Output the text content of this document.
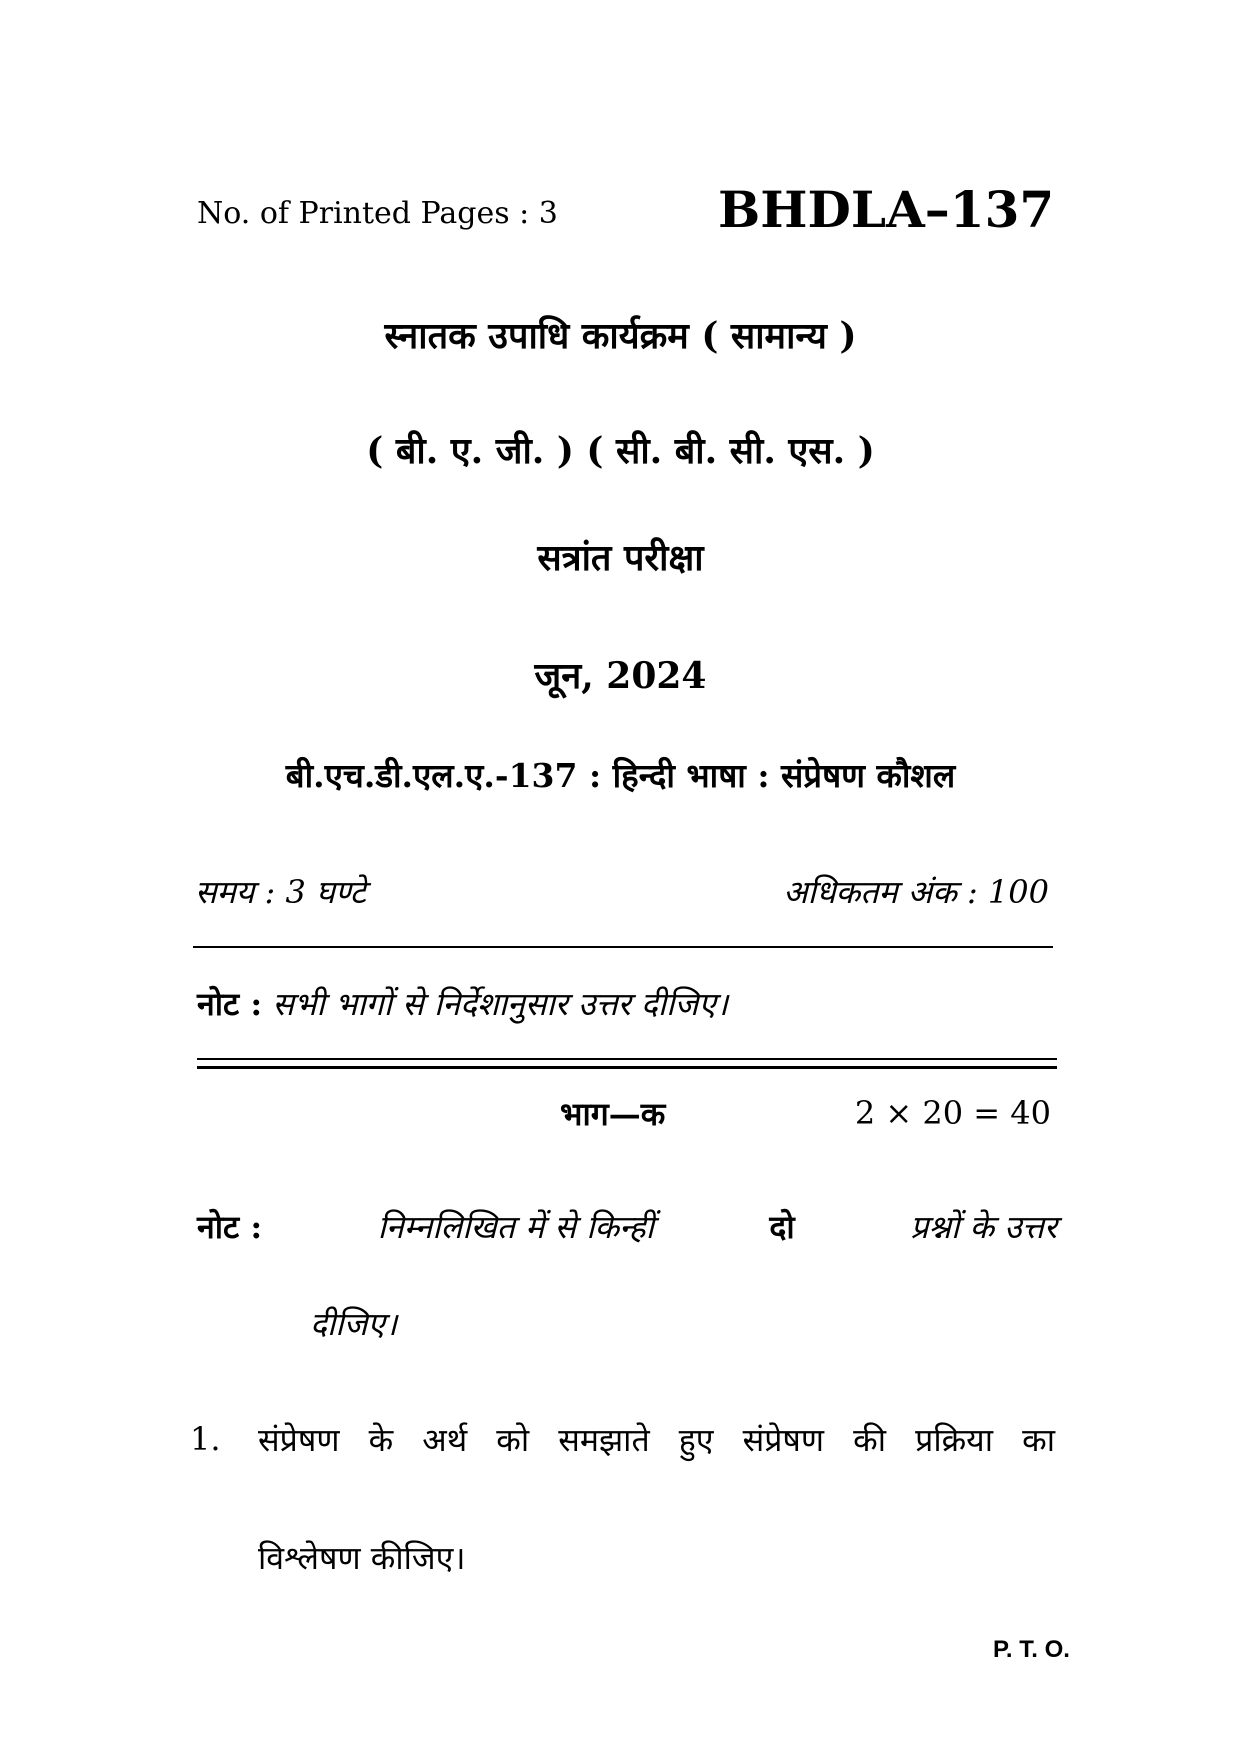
No. of Printed Pages : 3	BHDLA–137
स्नातक उपाधि कार्यक्रम ( सामान्य )
( बी. ए. जी. ) ( सी. बी. सी. एस. )
सत्रांत परीक्षा
जून, 2024
बी.एच.डी.एल.ए.-137 : हिन्दी भाषा : संप्रेषण कौशल
समय : 3 घण्टे	अधिकतम अंक : 100
नोट : सभी भागों से निर्देशानुसार उत्तर दीजिए।
भाग—क	2 × 20 = 40
नोट :	निम्नलिखित में से किन्हीं	दो	प्रश्नों के उत्तर
दीजिए।
1. संप्रेषण के अर्थ को समझाते हुए संप्रेषण की प्रक्रिया का
विश्लेषण कीजिए।
P. T. O.
